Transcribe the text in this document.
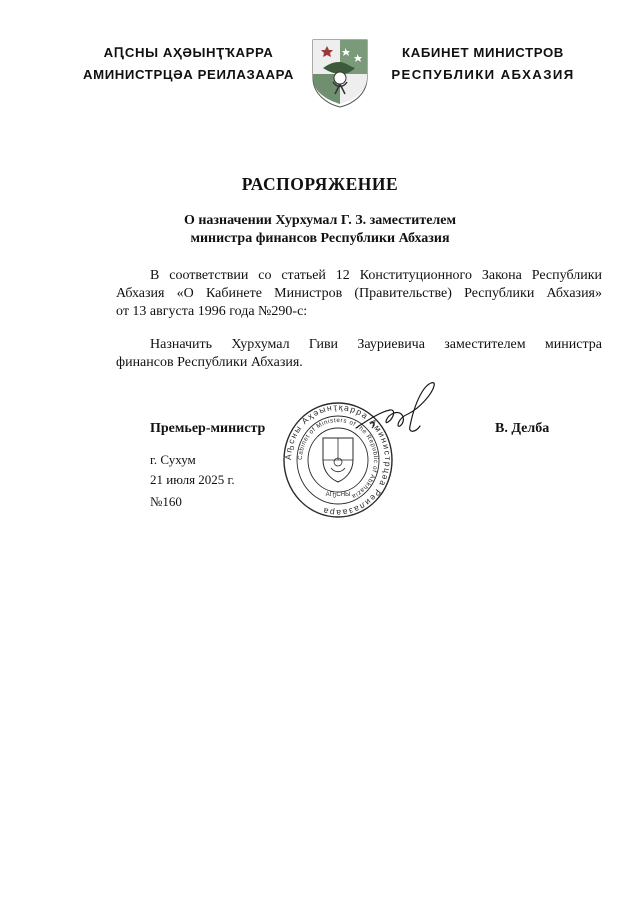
АԤСНЫ АҲӘЫНҬҠАРРА
АМИНИСТРЦӘА РЕИЛАЗААРА
КАБИНЕТ МИНИСТРОВ
РЕСПУБЛИКИ АБХАЗИЯ
РАСПОРЯЖЕНИЕ
О назначении Хурхумал Г. З. заместителем
министра финансов Республики Абхазия
В соответствии со статьей 12 Конституционного Закона Республики
Абхазия «О Кабинете Министров (Правительстве) Республики Абхазия»
от 13 августа 1996 года №290-с:
Назначить Хурхумал Гиви Зауриевича заместителем министра
финансов Республики Абхазия.
Аҧсны Аҳәынҭқарра Аминистрцәа Реилазаара
Cabinet of Ministers of the Republic of Abkhazia
АҦСНЫ
Премьер-министр	В. Делба
г. Сухум
21 июля 2025 г.
№160
